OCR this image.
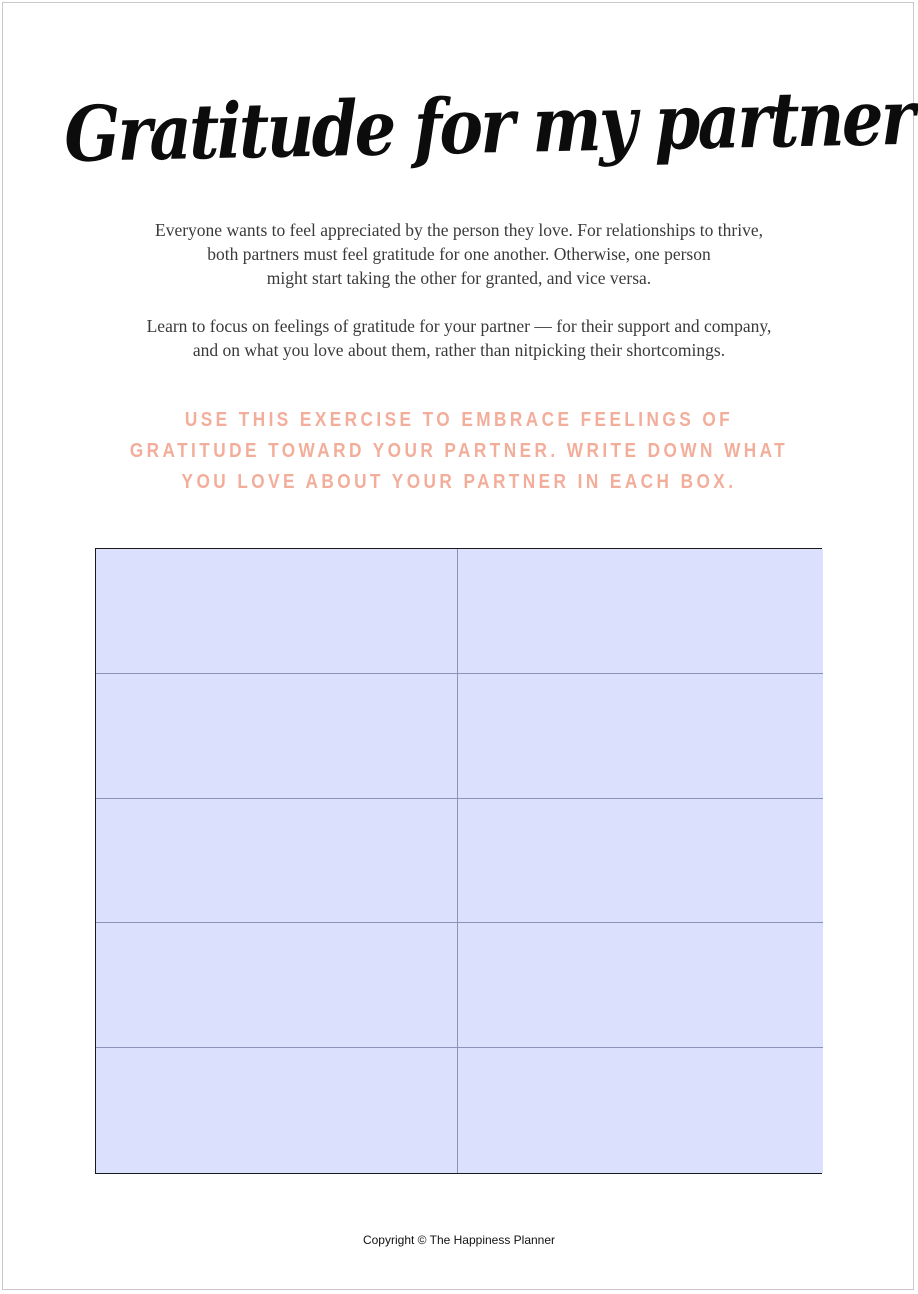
Gratitude for my partner

Everyone wants to feel appreciated by the person they love. For relationships to thrive,
both partners must feel gratitude for one another. Otherwise, one person
might start taking the other for granted, and vice versa.

Learn to focus on feelings of gratitude for your partner — for their support and company,
and on what you love about them, rather than nitpicking their shortcomings.

USE THIS EXERCISE TO EMBRACE FEELINGS OF
GRATITUDE TOWARD YOUR PARTNER. WRITE DOWN WHAT
YOU LOVE ABOUT YOUR PARTNER IN EACH BOX.
Copyright © The Happiness Planner
